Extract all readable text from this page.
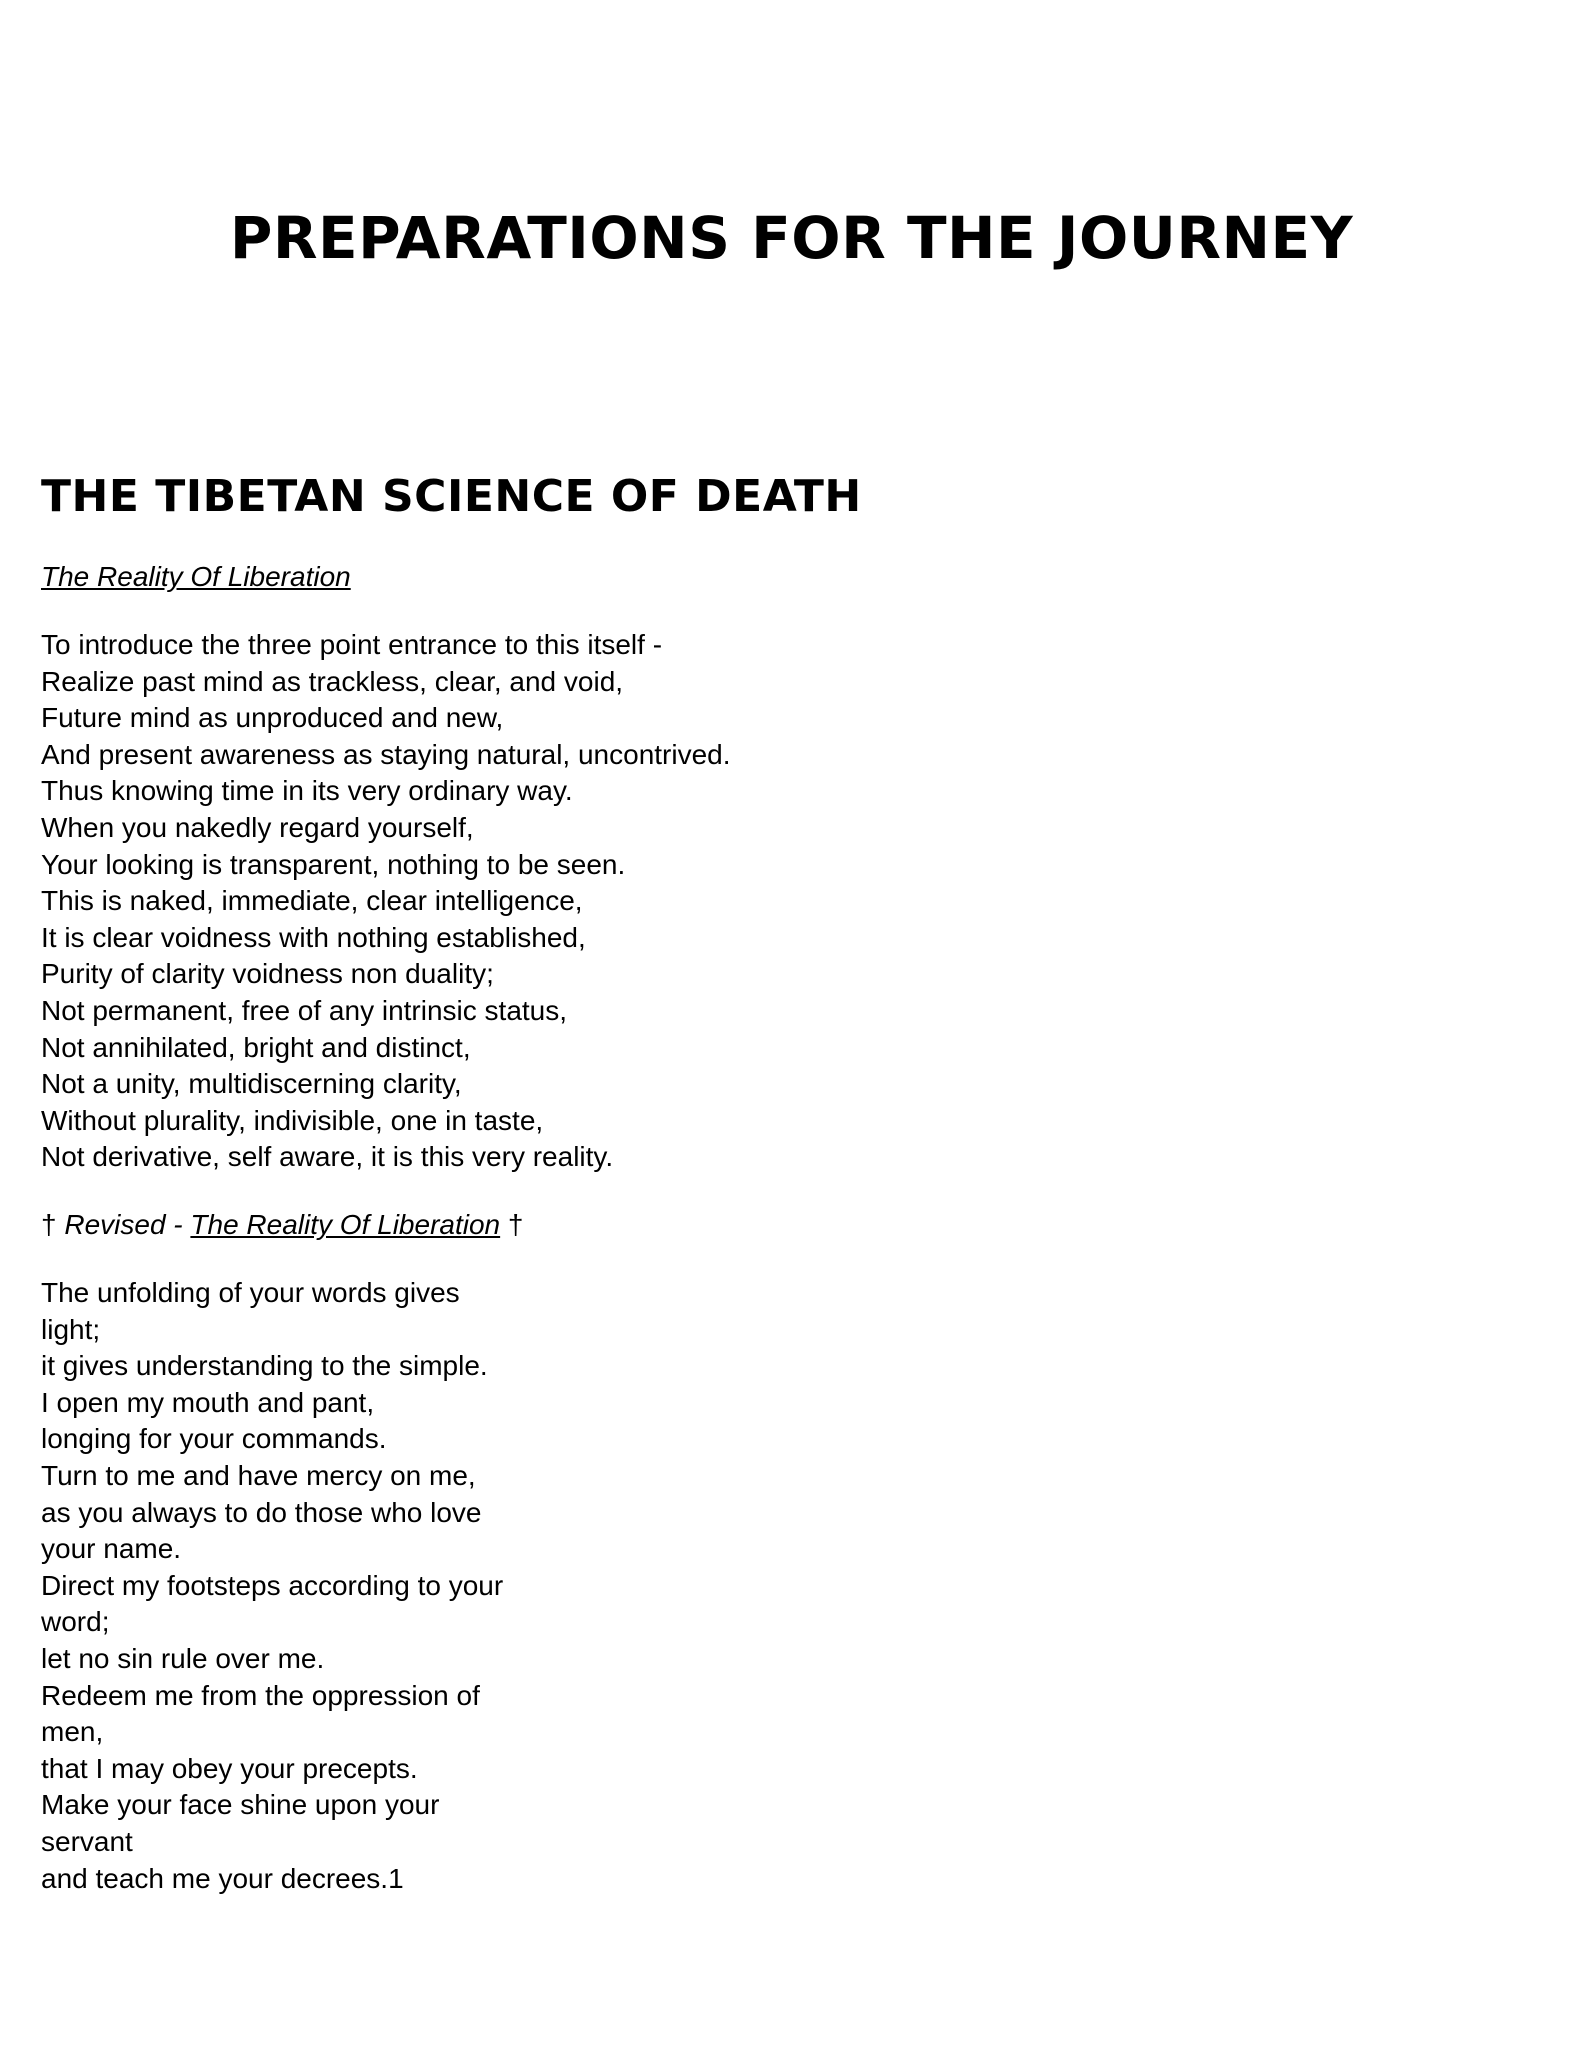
PREPARATIONS FOR THE JOURNEY
THE TIBETAN SCIENCE OF DEATH

The Reality Of Liberation

To introduce the three point entrance to this itself -
Realize past mind as trackless, clear, and void,
Future mind as unproduced and new,
And present awareness as staying natural, uncontrived.
Thus knowing time in its very ordinary way.
When you nakedly regard yourself,
Your looking is transparent, nothing to be seen.
This is naked, immediate, clear intelligence,
It is clear voidness with nothing established,
Purity of clarity voidness non duality;
Not permanent, free of any intrinsic status,
Not annihilated, bright and distinct,
Not a unity, multidiscerning clarity,
Without plurality, indivisible, one in taste,
Not derivative, self aware, it is this very reality.

† Revised - The Reality Of Liberation †

The unfolding of your words gives
light;
it gives understanding to the simple.
I open my mouth and pant,
longing for your commands.
Turn to me and have mercy on me,
as you always to do those who love
your name.
Direct my footsteps according to your
word;
let no sin rule over me.
Redeem me from the oppression of
men,
that I may obey your precepts.
Make your face shine upon your
servant
and teach me your decrees.1
